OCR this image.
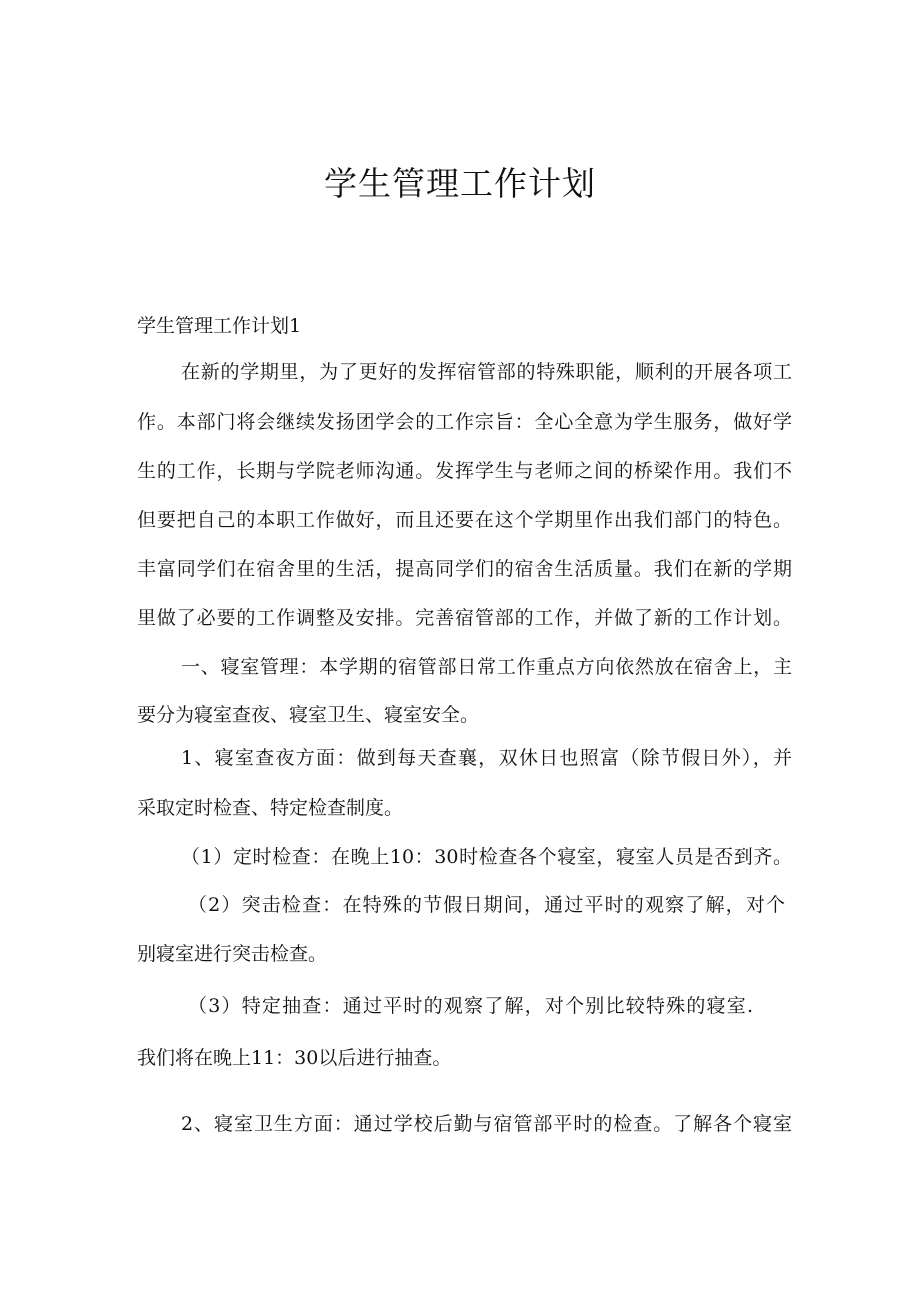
学生管理工作计划
学生管理工作计划1
在新的学期里，为了更好的发挥宿管部的特殊职能，顺利的开展各项工
作。本部门将会继续发扬团学会的工作宗旨：全心全意为学生服务，做好学
生的工作，长期与学院老师沟通。发挥学生与老师之间的桥梁作用。我们不
但要把自己的本职工作做好，而且还要在这个学期里作出我们部门的特色。
丰富同学们在宿舍里的生活，提高同学们的宿舍生活质量。我们在新的学期
里做了必要的工作调整及安排。完善宿管部的工作，并做了新的工作计划。
一、寝室管理：本学期的宿管部日常工作重点方向依然放在宿舍上，主
要分为寝室查夜、寝室卫生、寝室安全。
1、寝室查夜方面：做到每天查襄，双休日也照富（除节假日外），并
采取定时检查、特定检查制度。
（1）定时检查：在晚上10：30时检查各个寝室，寝室人员是否到齐。
（2）突击检查：在特殊的节假日期间，通过平时的观察了解，对个
别寝室进行突击检查。
（3）特定抽查：通过平时的观察了解，对个别比较特殊的寝室.
我们将在晚上11：30以后进行抽查。
2、寝室卫生方面：通过学校后勤与宿管部平时的检查。了解各个寝室
